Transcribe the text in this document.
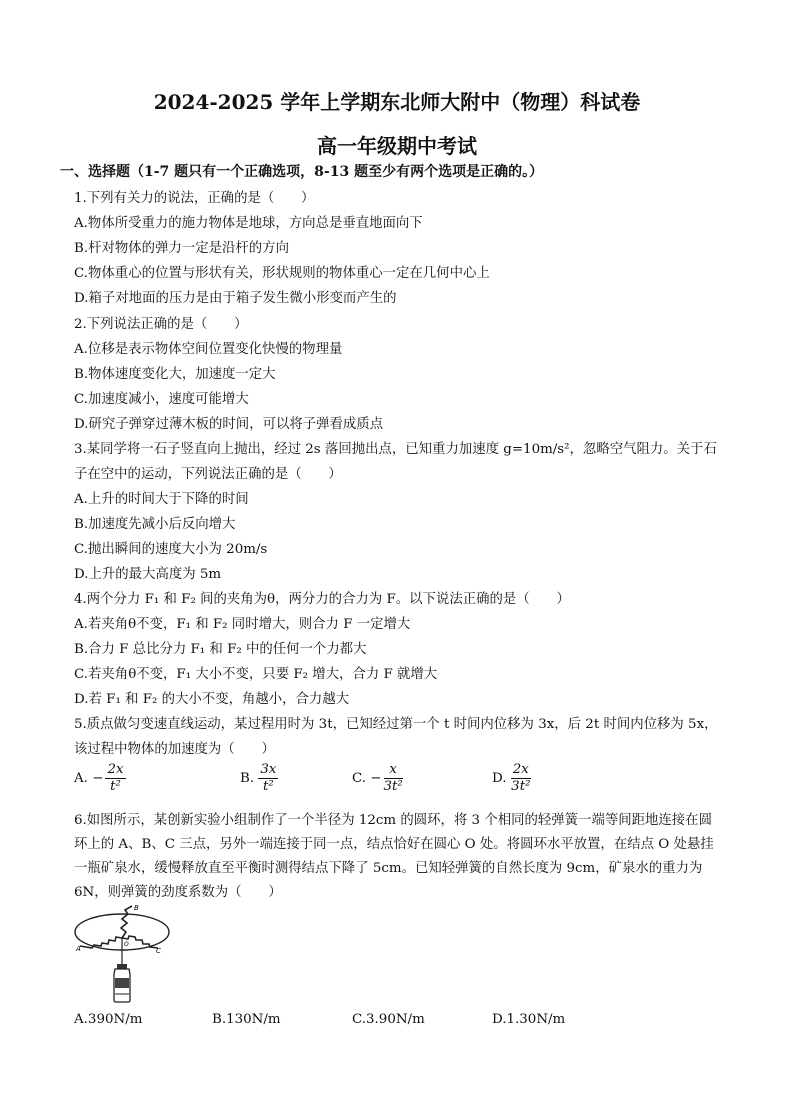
2024-2025 学年上学期东北师大附中（物理）科试卷
高一年级期中考试
一、选择题（1-7 题只有一个正确选项，8-13 题至少有两个选项是正确的。）
1.下列有关力的说法，正确的是（　　）
A.物体所受重力的施力物体是地球，方向总是垂直地面向下
B.杆对物体的弹力一定是沿杆的方向
C.物体重心的位置与形状有关，形状规则的物体重心一定在几何中心上
D.箱子对地面的压力是由于箱子发生微小形变而产生的
2.下列说法正确的是（　　）
A.位移是表示物体空间位置变化快慢的物理量
B.物体速度变化大，加速度一定大
C.加速度减小，速度可能增大
D.研究子弹穿过薄木板的时间，可以将子弹看成质点
3.某同学将一石子竖直向上抛出，经过 2s 落回抛出点，已知重力加速度 g=10m/s²，忽略空气阻力。关于石
子在空中的运动，下列说法正确的是（　　）
A.上升的时间大于下降的时间
B.加速度先减小后反向增大
C.抛出瞬间的速度大小为 20m/s
D.上升的最大高度为 5m
4.两个分力 F₁ 和 F₂ 间的夹角为θ，两分力的合力为 F。以下说法正确的是（　　）
A.若夹角θ不变，F₁ 和 F₂ 同时增大，则合力 F 一定增大
B.合力 F 总比分力 F₁ 和 F₂ 中的任何一个力都大
C.若夹角θ不变，F₁ 大小不变，只要 F₂ 增大，合力 F 就增大
D.若 F₁ 和 F₂ 的大小不变，角越小，合力越大
5.质点做匀变速直线运动，某过程用时为 3t，已知经过第一个 t 时间内位移为 3x，后 2t 时间内位移为 5x，
该过程中物体的加速度为（　　）
A. − $\frac{2x}{\text{t²}}$	B. $\frac{3x}{\text{t²}}$	C. − $\frac{x}{\text{3t²}}$	D. $\frac{2x}{\text{3t²}}$
6.如图所示，某创新实验小组制作了一个半径为 12cm 的圆环，将 3 个相同的轻弹簧一端等间距地连接在圆
环上的 A、B、C 三点，另外一端连接于同一点，结点恰好在圆心 O 处。将圆环水平放置，在结点 O 处悬挂
一瓶矿泉水，缓慢释放直至平衡时测得结点下降了 5cm。已知轻弹簧的自然长度为 9cm，矿泉水的重力为
6N，则弹簧的劲度系数为（　　）
A
B
C
O
A.390N/m	B.130N/m	C.3.90N/m	D.1.30N/m
